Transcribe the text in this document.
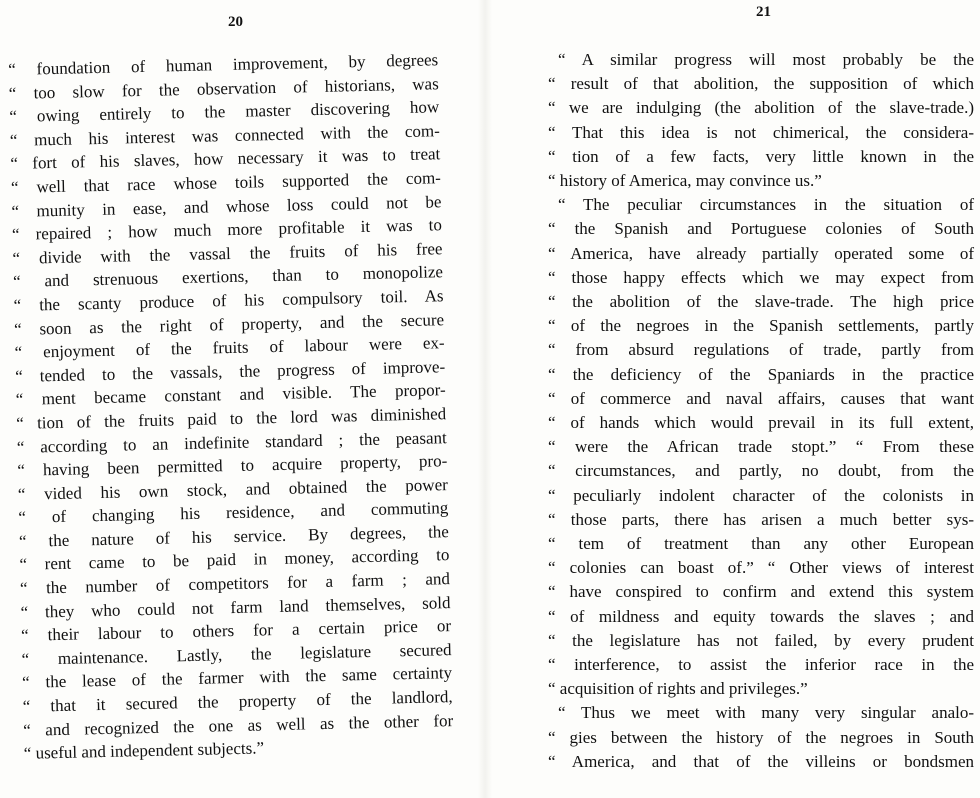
20
“ foundation of human improvement, by degrees
“ too slow for the observation of historians, was
“ owing entirely to the master discovering how
“ much his interest was connected with the com-
“ fort of his slaves, how necessary it was to treat
“ well that race whose toils supported the com-
“ munity in ease, and whose loss could not be
“ repaired ; how much more profitable it was to
“ divide with the vassal the fruits of his free
“ and strenuous exertions, than to monopolize
“ the scanty produce of his compulsory toil. As
“ soon as the right of property, and the secure
“ enjoyment of the fruits of labour were ex-
“ tended to the vassals, the progress of improve-
“ ment became constant and visible. The propor-
“ tion of the fruits paid to the lord was diminished
“ according to an indefinite standard ; the peasant
“ having been permitted to acquire property, pro-
“ vided his own stock, and obtained the power
“ of changing his residence, and commuting
“ the nature of his service. By degrees, the
“ rent came to be paid in money, according to
“ the number of competitors for a farm ; and
“ they who could not farm land themselves, sold
“ their labour to others for a certain price or
“ maintenance. Lastly, the legislature secured
“ the lease of the farmer with the same certainty
“ that it secured the property of the landlord,
“ and recognized the one as well as the other for
“ useful and independent subjects.”
21
“ A similar progress will most probably be the
“ result of that abolition, the supposition of which
“ we are indulging (the abolition of the slave-trade.)
“ That this idea is not chimerical, the considera-
“ tion of a few facts, very little known in the
“ history of America, may convince us.”
“ The peculiar circumstances in the situation of
“ the Spanish and Portuguese colonies of South
“ America, have already partially operated some of
“ those happy effects which we may expect from
“ the abolition of the slave-trade. The high price
“ of the negroes in the Spanish settlements, partly
“ from absurd regulations of trade, partly from
“ the deficiency of the Spaniards in the practice
“ of commerce and naval affairs, causes that want
“ of hands which would prevail in its full extent,
“ were the African trade stopt.” “ From these
“ circumstances, and partly, no doubt, from the
“ peculiarly indolent character of the colonists in
“ those parts, there has arisen a much better sys-
“ tem of treatment than any other European
“ colonies can boast of.” “ Other views of interest
“ have conspired to confirm and extend this system
“ of mildness and equity towards the slaves ; and
“ the legislature has not failed, by every prudent
“ interference, to assist the inferior race in the
“ acquisition of rights and privileges.”
“ Thus we meet with many very singular analo-
“ gies between the history of the negroes in South
“ America, and that of the villeins or bondsmen
